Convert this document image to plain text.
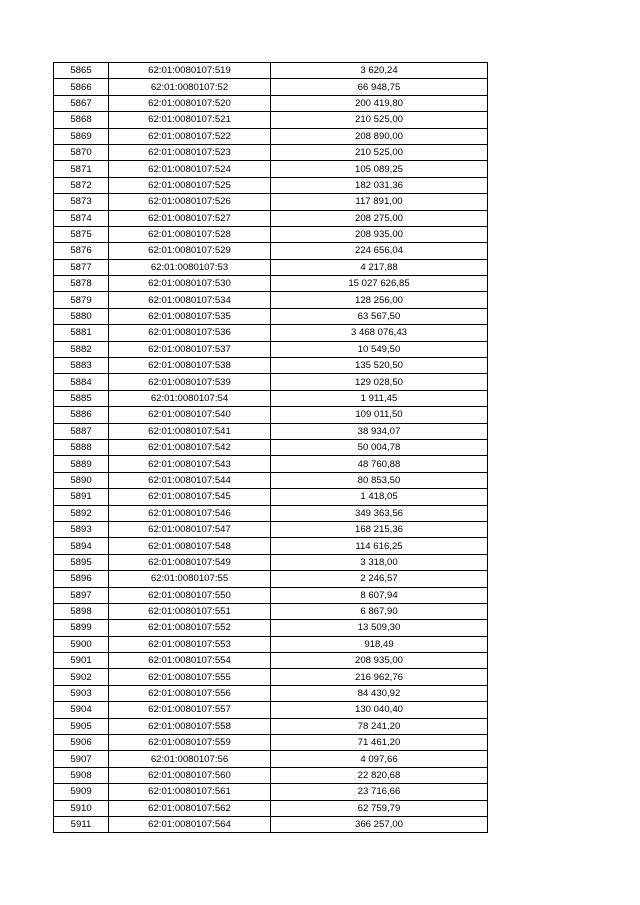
5865	62:01:0080107:519	3 620,24
5866	62:01:0080107:52	66 948,75
5867	62:01:0080107:520	200 419,80
5868	62:01:0080107:521	210 525,00
5869	62:01:0080107:522	208 890,00
5870	62:01:0080107:523	210 525,00
5871	62:01:0080107:524	105 089,25
5872	62:01:0080107:525	182 031,36
5873	62:01:0080107:526	117 891,00
5874	62:01:0080107:527	208 275,00
5875	62:01:0080107:528	208 935,00
5876	62:01:0080107:529	224 656,04
5877	62:01:0080107:53	4 217,88
5878	62:01:0080107:530	15 027 626,85
5879	62:01:0080107:534	128 256,00
5880	62:01:0080107:535	63 567,50
5881	62:01:0080107:536	3 468 076,43
5882	62:01:0080107:537	10 549,50
5883	62:01:0080107:538	135 520,50
5884	62:01:0080107:539	129 028,50
5885	62:01:0080107:54	1 911,45
5886	62:01:0080107:540	109 011,50
5887	62:01:0080107:541	38 934,07
5888	62:01:0080107:542	50 004,78
5889	62:01:0080107:543	48 760,88
5890	62:01:0080107:544	80 853,50
5891	62:01:0080107:545	1 418,05
5892	62:01:0080107:546	349 363,56
5893	62:01:0080107:547	168 215,36
5894	62:01:0080107:548	114 616,25
5895	62:01:0080107:549	3 318,00
5896	62:01:0080107:55	2 246,57
5897	62:01:0080107:550	8 607,94
5898	62:01:0080107:551	6 867,90
5899	62:01:0080107:552	13 509,30
5900	62:01:0080107:553	918,49
5901	62:01:0080107:554	208 935,00
5902	62:01:0080107:555	216 962,76
5903	62:01:0080107:556	84 430,92
5904	62:01:0080107:557	130 040,40
5905	62:01:0080107:558	78 241,20
5906	62:01:0080107:559	71 461,20
5907	62:01:0080107:56	4 097,66
5908	62:01:0080107:560	22 820,68
5909	62:01:0080107:561	23 716,66
5910	62:01:0080107:562	62 759,79
5911	62:01:0080107:564	366 257,00
